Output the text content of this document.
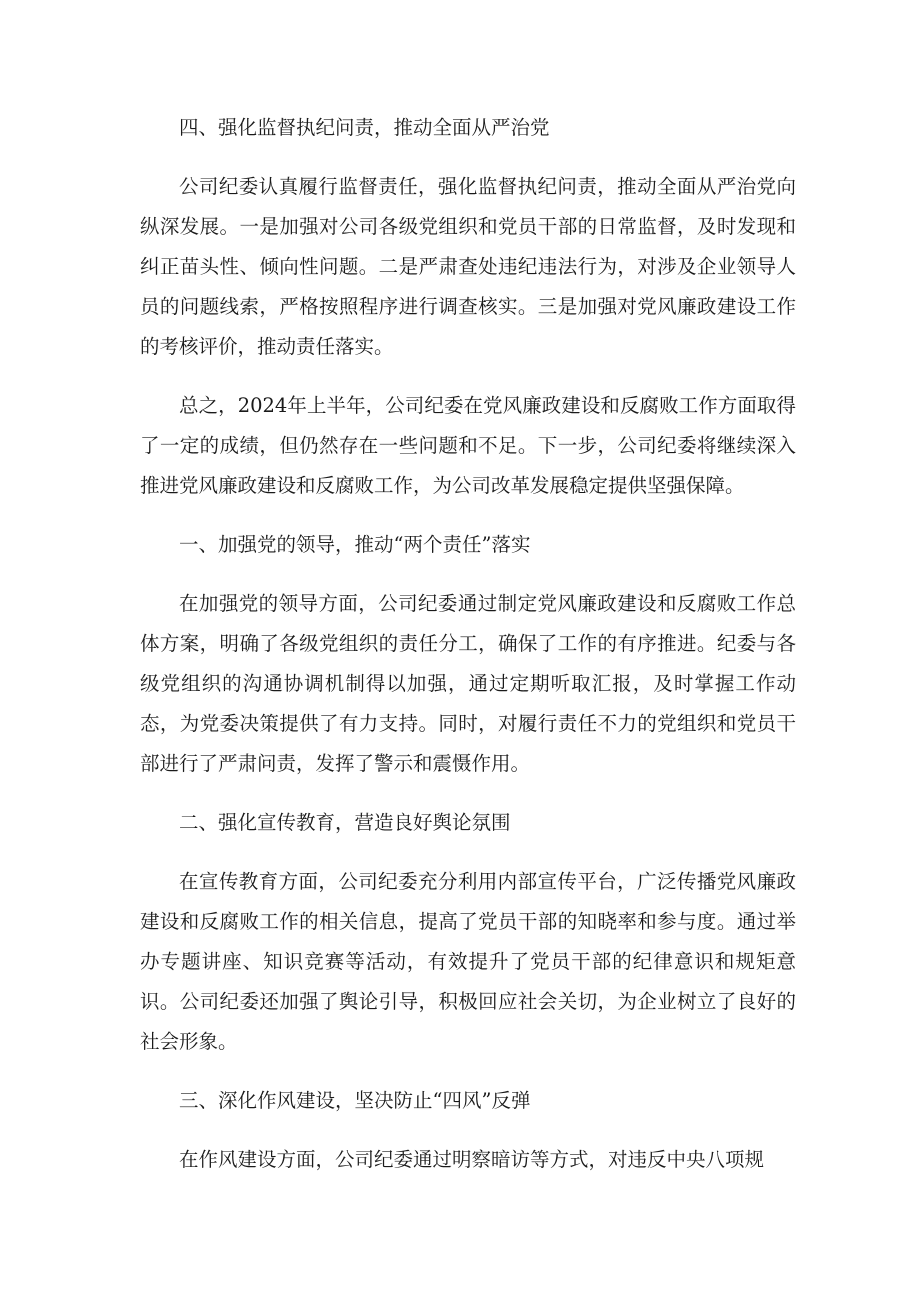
四、强化监督执纪问责，推动全面从严治党

公司纪委认真履行监督责任，强化监督执纪问责，推动全面从严治党向纵深发展。一是加强对公司各级党组织和党员干部的日常监督，及时发现和纠正苗头性、倾向性问题。二是严肃查处违纪违法行为，对涉及企业领导人员的问题线索，严格按照程序进行调查核实。三是加强对党风廉政建设工作的考核评价，推动责任落实。

总之，2024年上半年，公司纪委在党风廉政建设和反腐败工作方面取得了一定的成绩，但仍然存在一些问题和不足。下一步，公司纪委将继续深入推进党风廉政建设和反腐败工作，为公司改革发展稳定提供坚强保障。

一、加强党的领导，推动“两个责任”落实

在加强党的领导方面，公司纪委通过制定党风廉政建设和反腐败工作总体方案，明确了各级党组织的责任分工，确保了工作的有序推进。纪委与各级党组织的沟通协调机制得以加强，通过定期听取汇报，及时掌握工作动态，为党委决策提供了有力支持。同时，对履行责任不力的党组织和党员干部进行了严肃问责，发挥了警示和震慑作用。

二、强化宣传教育，营造良好舆论氛围

在宣传教育方面，公司纪委充分利用内部宣传平台，广泛传播党风廉政建设和反腐败工作的相关信息，提高了党员干部的知晓率和参与度。通过举办专题讲座、知识竞赛等活动，有效提升了党员干部的纪律意识和规矩意识。公司纪委还加强了舆论引导，积极回应社会关切，为企业树立了良好的社会形象。

三、深化作风建设，坚决防止“四风”反弹

在作风建设方面，公司纪委通过明察暗访等方式，对违反中央八项规
